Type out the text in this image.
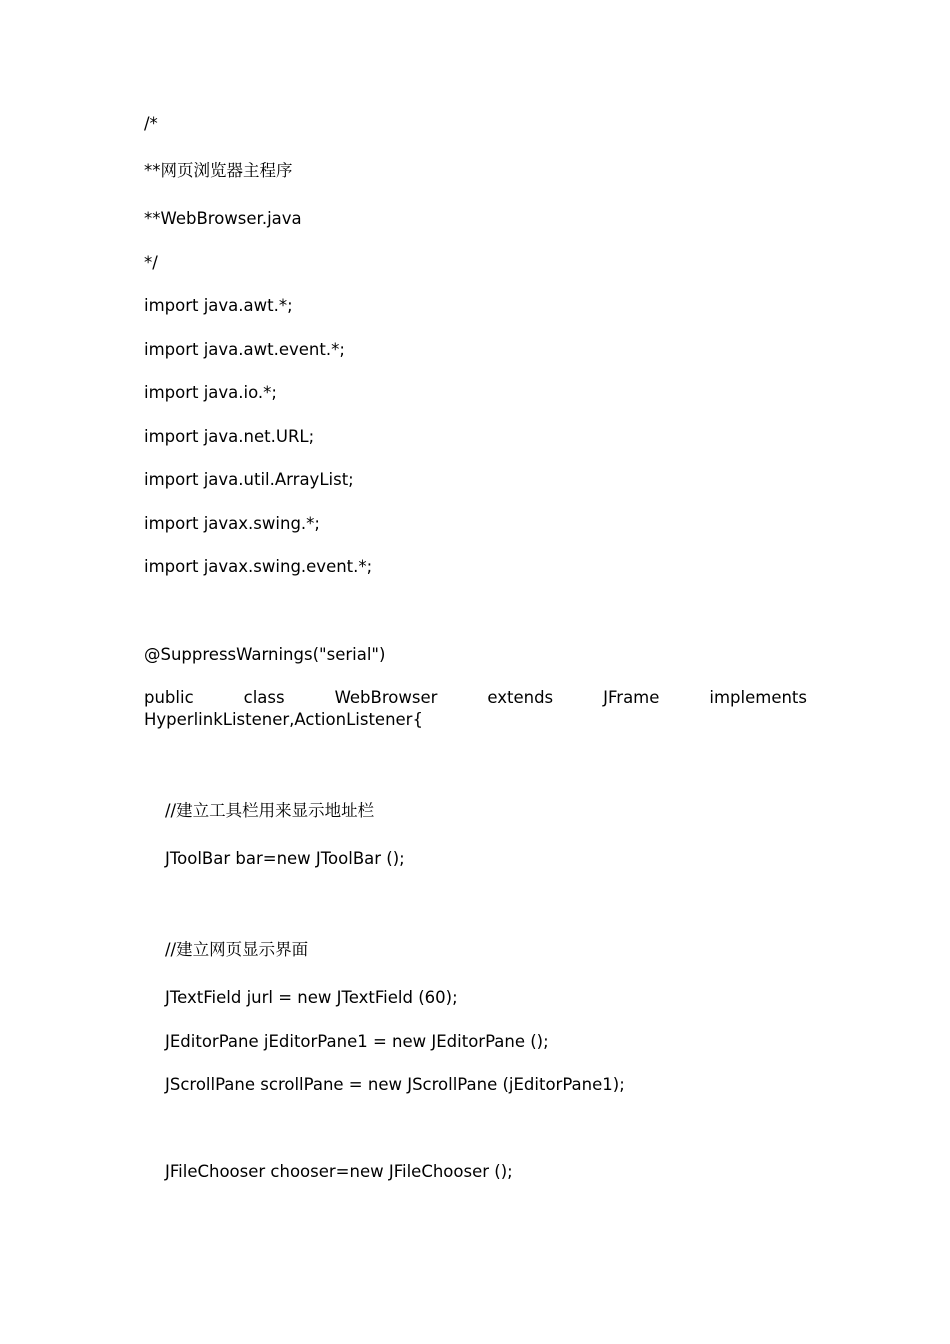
/*
**网页浏览器主程序
**WebBrowser.java
*/
import java.awt.*;
import java.awt.event.*;
import java.io.*;
import java.net.URL;
import java.util.ArrayList;
import javax.swing.*;
import javax.swing.event.*;
@SuppressWarnings("serial")
public	class	WebBrowser	extends	JFrame	implements
HyperlinkListener,ActionListener{
//建立工具栏用来显示地址栏
JToolBar bar=new JToolBar ();
//建立网页显示界面
JTextField jurl = new JTextField (60);
JEditorPane jEditorPane1 = new JEditorPane ();
JScrollPane scrollPane = new JScrollPane (jEditorPane1);
JFileChooser chooser=new JFileChooser ();
